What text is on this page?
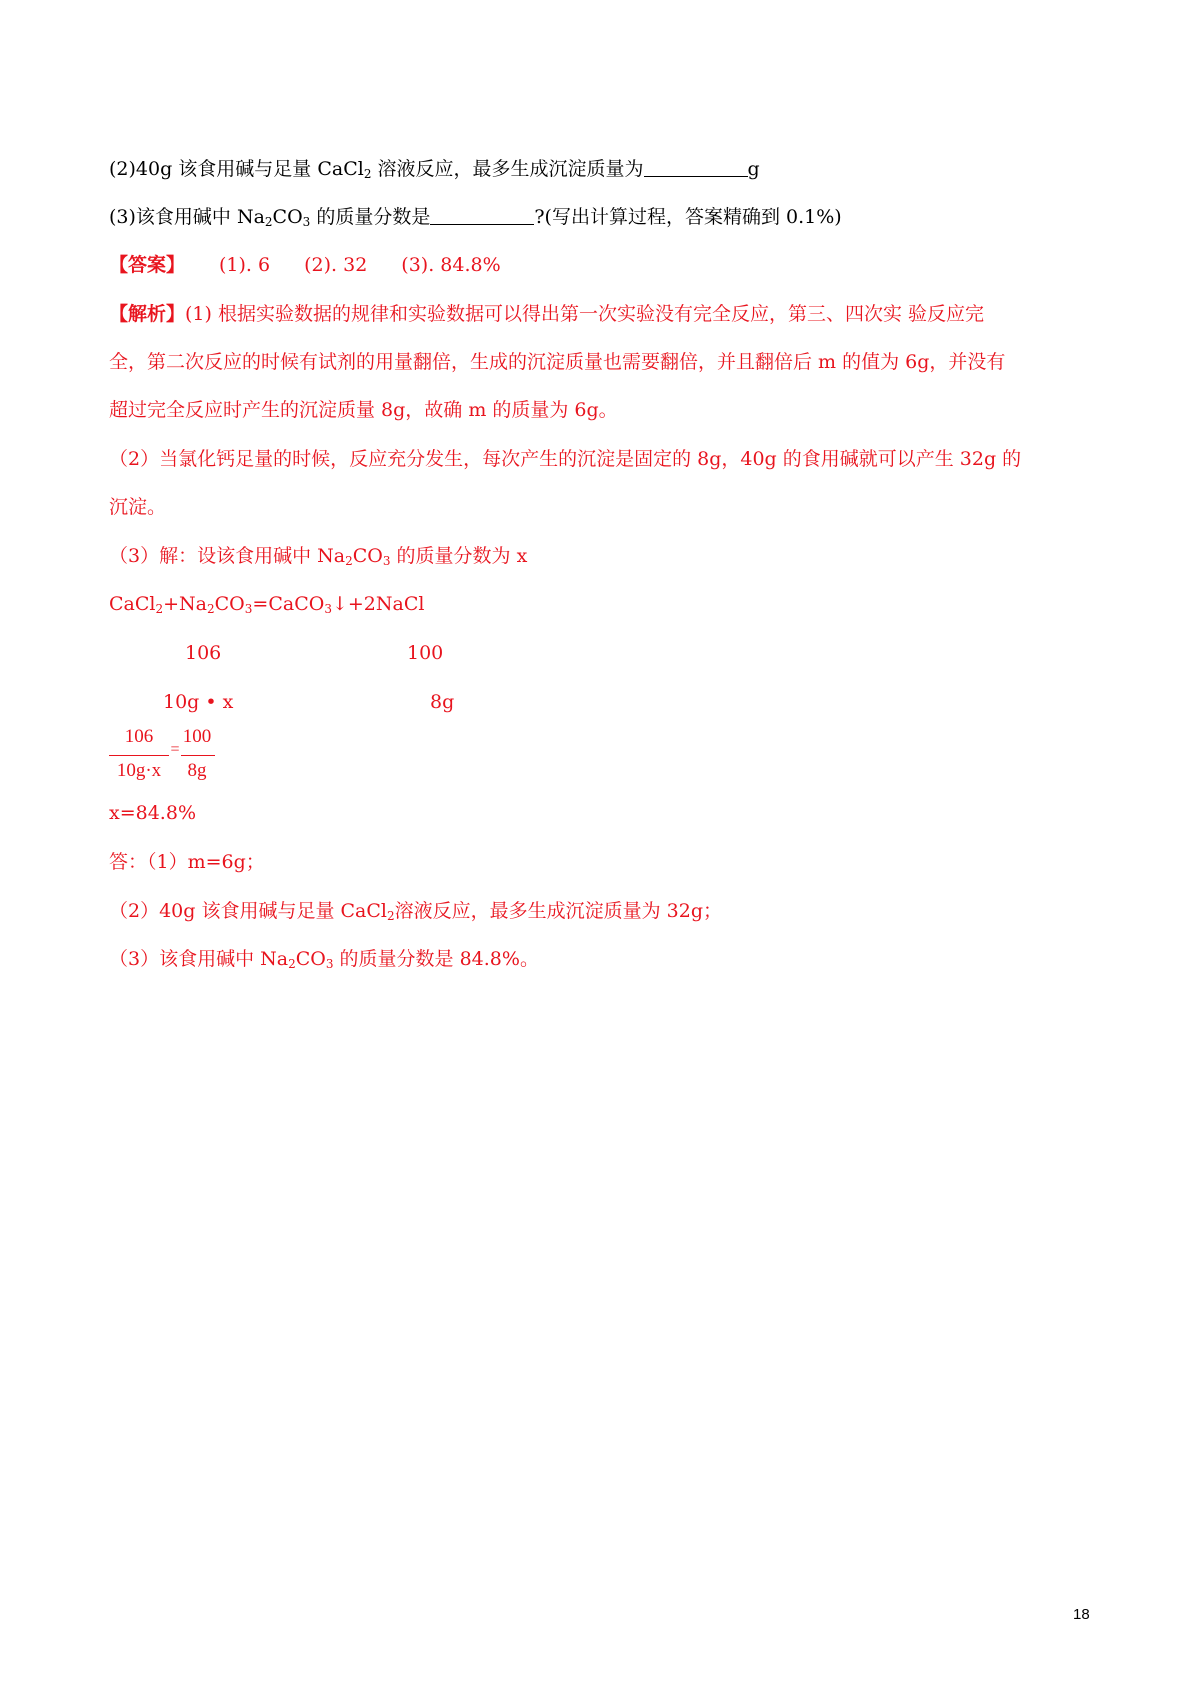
(2)40g 该食用碱与足量 CaCl$_2$ 溶液反应，最多生成沉淀质量为	g
(3)该食用碱中 $Na_2CO_3$ 的质量分数是	?(写出计算过程，答案精确到 0.1%)
【答案】 (1). 6 (2). 32 (3). 84.8%
【解析】(1) 根据实验数据的规律和实验数据可以得出第一次实验没有完全反应，第三、四次实 验反应完
全，第二次反应的时候有试剂的用量翻倍，生成的沉淀质量也需要翻倍，并且翻倍后 m 的值为 6g，并没有
超过完全反应时产生的沉淀质量 8g，故确 m 的质量为 6g。
（2）当氯化钙足量的时候，反应充分发生，每次产生的沉淀是固定的 8g，40g 的食用碱就可以产生 32g 的
沉淀。
（3）解：设该食用碱中 $Na_2CO_3$ 的质量分数为 x
$CaCl_2+Na_2CO_3=CaCO_3↓+2NaCl$
106	100
10g • x	8g
106
10g·x
=
100
8g
x=84.8%
答：（1）m=6g；
（2）40g 该食用碱与足量 CaCl$_2$溶液反应，最多生成沉淀质量为 32g；
（3）该食用碱中 $Na_2CO_3$ 的质量分数是 84.8%。
18
